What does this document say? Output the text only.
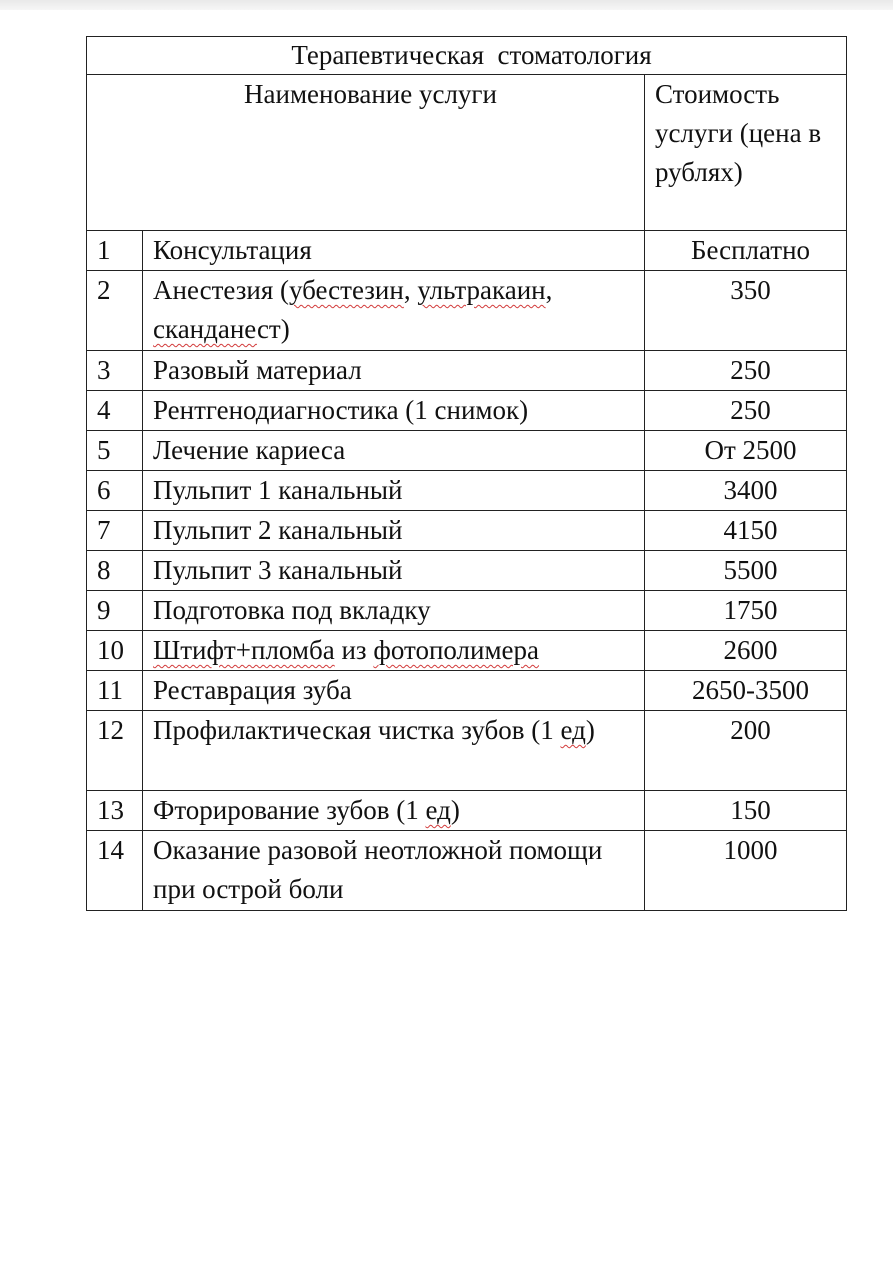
Терапевтическая  стоматология		
Наименование услуги		Стоимость услуги (цена в рублях)
1	Консультация	Бесплатно
2	Анестезия (убестезин, ультракаин, сканданест)	350
3	Разовый материал	250
4	Рентгенодиагностика (1 снимок)	250
5	Лечение кариеса	От 2500
6	Пульпит 1 канальный	3400
7	Пульпит 2 канальный	4150
8	Пульпит 3 канальный	5500
9	Подготовка под вкладку	1750
10	Штифт+пломба из фотополимера	2600
11	Реставрация зуба	2650-3500
12	Профилактическая чистка зубов (1 ед)	200
13	Фторирование зубов (1 ед)	150
14	Оказание разовой неотложной помощи при острой боли	1000
